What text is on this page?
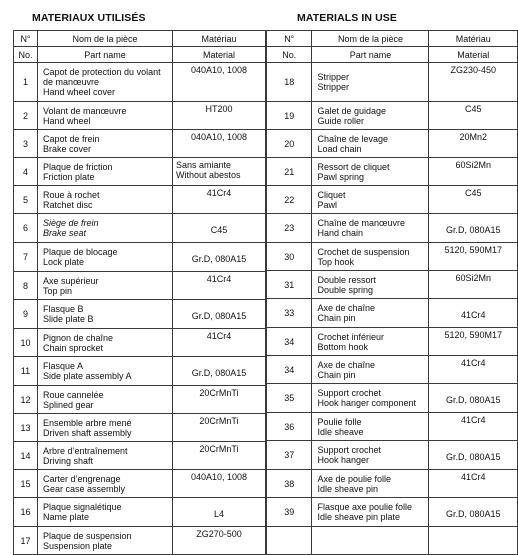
MATERIAUX UTILISÉS	MATERIALS IN USE
N°	Nom de la pièce	Matériau
No.	Part name	Material
1	Capot de protection du volant de manœuvre
Hand wheel cover	040A10, 1008

2	Volant de manœuvre
Hand wheel	HT200

3	Capot de frein
Brake cover	040A10, 1008

4	Plaque de friction
Friction plate	Sans amiante
Without abestos

5	Roue à rochet
Ratchet disc	41Cr4

6	Siège de frein
Brake seat	C45

7	Plaque de blocage
Lock plate	Gr.D, 080A15

8	Axe supérieur
Top pin	41Cr4

9	Flasque B
Slide plate B	Gr.D, 080A15

10	Pignon de chaîne
Chain sprocket	41Cr4

11	Flasque A
Side plate assembly A	Gr.D, 080A15

12	Roue cannelée
Splined gear	20CrMnTi

13	Ensemble arbre mené
Driven shaft assembly	20CrMnTi

14	Arbre d’entraînement
Driving shaft	20CrMnTi

15	Carter d’engrenage
Gear case assembly	040A10, 1008

16	Plaque signalétique
Name plate	L4

17	Plaque de suspension
Suspension plate	ZG270-500
N°	Nom de la pièce	Matériau
No.	Part name	Material
18	Stripper
Stripper	ZG230-450

19	Galet de guidage
Guide roller	C45

20	Chaîne de levage
Load chain	20Mn2

21	Ressort de cliquet
Pawl spring	60Si2Mn

22	Cliquet
Pawl	C45

23	Chaîne de manœuvre
Hand chain	Gr.D, 080A15

30	Crochet de suspension
Top hook	5120, 590M17

31	Double ressort
Double spring	60Si2Mn

33	Axe de chaîne
Chain pin	41Cr4

34	Crochet inférieur
Bottom hook	5120, 590M17

34	Axe de chaîne
Chain pin	41Cr4

35	Support crochet
Hook hanger component	Gr.D, 080A15

36	Poulie folle
Idle sheave	41Cr4

37	Support crochet
Hook hanger	Gr.D, 080A15

38	Axe de poulie folle
Idle sheave pin	41Cr4

39	Flasque axe poulie folle
Idle sheave pin plate	Gr.D, 080A15
